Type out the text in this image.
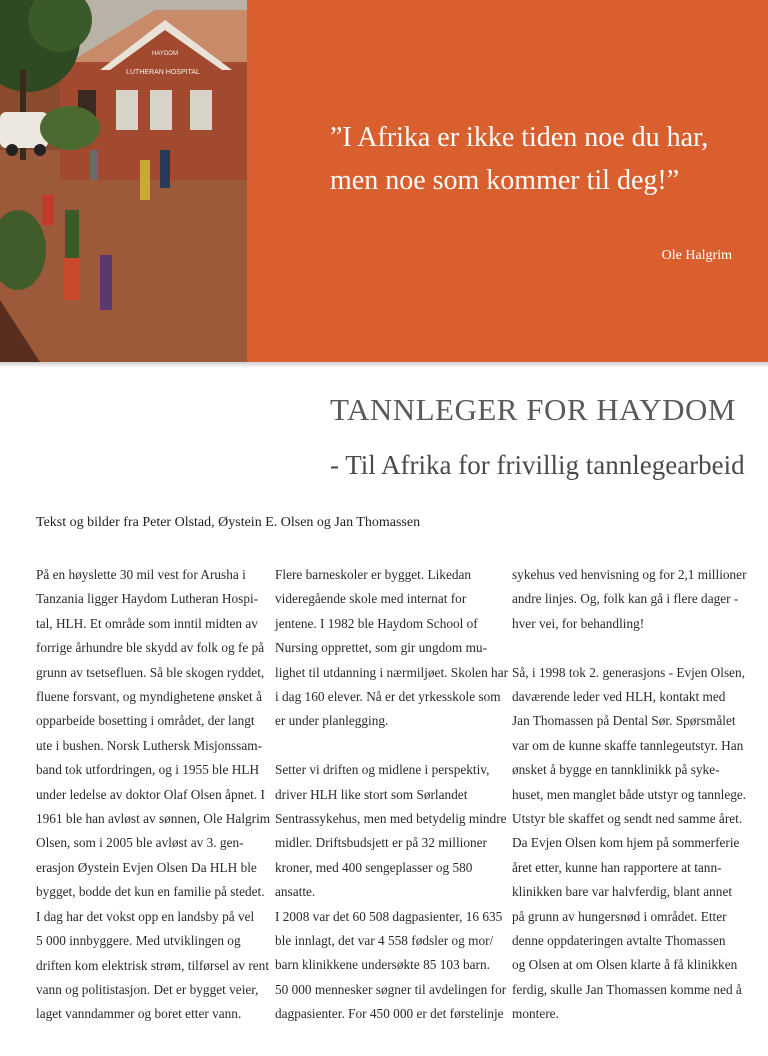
HAYDOM
LUTHERAN HOSPITAL
”I Afrika er ikke tiden noe du har,
men noe som kommer til deg!”
Ole Halgrim
TANNLEGER FOR HAYDOM
- Til Afrika for frivillig tannlegearbeid
Tekst og bilder fra Peter Olstad, Øystein E. Olsen og Jan Thomassen

På en høyslette 30 mil vest for Arusha i
Tanzania ligger Haydom Lutheran Hospi-
tal, HLH. Et område som inntil midten av
forrige århundre ble skydd av folk og fe på
grunn av tsetsefluen. Så ble skogen ryddet,
fluene forsvant, og myndighetene ønsket å
opparbeide bosetting i området, der langt
ute i bushen. Norsk Luthersk Misjonssam-
band tok utfordringen, og i 1955 ble HLH
under ledelse av doktor Olaf Olsen åpnet. I
1961 ble han avløst av sønnen, Ole Halgrim
Olsen, som i 2005 ble avløst av 3. gen-
erasjon Øystein Evjen Olsen Da HLH ble
bygget, bodde det kun en familie på stedet.
I dag har det vokst opp en landsby på vel
5 000 innbyggere. Med utviklingen og
driften kom elektrisk strøm, tilførsel av rent
vann og politistasjon. Det er bygget veier,
laget vanndammer og boret etter vann.

Flere barneskoler er bygget. Likedan
videregående skole med internat for
jentene. I 1982 ble Haydom School of
Nursing opprettet, som gir ungdom mu-
lighet til utdanning i nærmiljøet. Skolen har
i dag 160 elever. Nå er det yrkesskole som
er under planlegging.

Setter vi driften og midlene i perspektiv,
driver HLH like stort som Sørlandet
Sentrassykehus, men med betydelig mindre
midler. Driftsbudsjett er på 32 millioner
kroner, med 400 sengeplasser og 580
ansatte.

I 2008 var det 60 508 dagpasienter, 16 635
ble innlagt, det var 4 558 fødsler og mor/
barn klinikkene undersøkte 85 103 barn.
50 000 mennesker søgner til avdelingen for
dagpasienter. For 450 000 er det førstelinje

sykehus ved henvisning og for 2,1 millioner
andre linjes. Og, folk kan gå i flere dager -
hver vei, for behandling!

Så, i 1998 tok 2. generasjons - Evjen Olsen,
daværende leder ved HLH, kontakt med
Jan Thomassen på Dental Sør. Spørsmålet
var om de kunne skaffe tannlegeutstyr. Han
ønsket å bygge en tannklinikk på syke-
huset, men manglet både utstyr og tannlege.
Utstyr ble skaffet og sendt ned samme året.
Da Evjen Olsen kom hjem på sommerferie
året etter, kunne han rapportere at tann-
klinikken bare var halvferdig, blant annet
på grunn av hungersnød i området. Etter
denne oppdateringen avtalte Thomassen
og Olsen at om Olsen klarte å få klinikken
ferdig, skulle Jan Thomassen komme ned å
montere.
